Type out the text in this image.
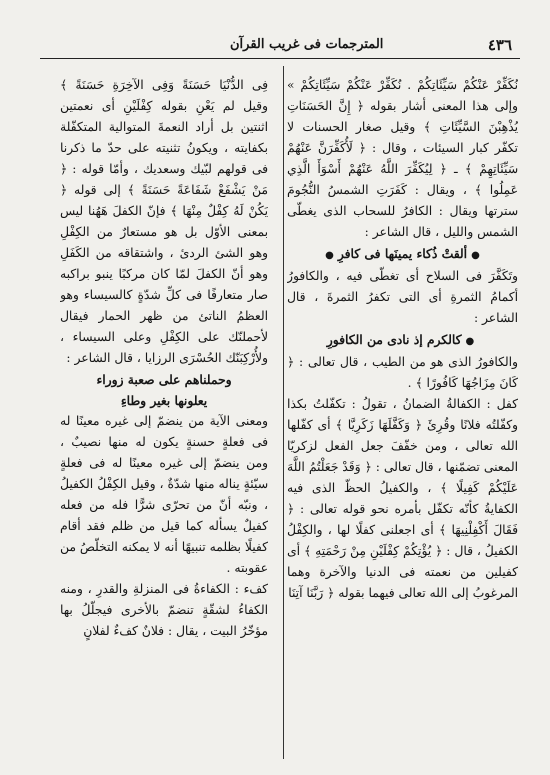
٤٣٦
المترجمات فى غريب القرآن

نُكَفِّرْ عَنْكُمْ سَيِّئَاتِكُمْ . نُكَفِّرْ عَنْكُمْ سَيِّئَاتِكُمْ » وإلى هذا المعنى أشار بقوله ﴿ إِنَّ الحَسَنَاتِ يُذْهِبْنَ السَّيِّئَاتِ ﴾ وقيل صغار الحسنات لا تكفّر كبار السيئات ، وقال : ﴿ لَأُكَفِّرَنَّ عَنْهُمْ سَيِّئَاتِهِمْ ﴾ ـ ﴿ لِيُكَفِّرَ اللَّهُ عَنْهُمْ أَسْوَأَ الَّذِي عَمِلُوا ﴾ ، ويقال : كَفَرَتِ الشمسُ النُّجُومَ سترتها ويقال : الكافرُ للسحاب الذى يغطّى الشمس والليل ، قال الشاعر :

●ألقتْ ذُكاء يمينَها فى كافرِ●

وتَكَفَّرَ فى السلاح أى تغطّى فيه ، والكافورُ أكمامُ الثمرةِ أى التى تكفرُ الثمرةَ ، قال الشاعر :

●كالكرم إذ نادى من الكافورِ

والكافورُ الذى هو من الطيب ، قال تعالى : ﴿ كَانَ مِزَاجُهَا كَافُورًا ﴾ .

كفل : الكفالةُ الضمانُ ، تقولُ : تكفّلتُ بكذا وكفّلتُه فلانًا وقُرِئَ ﴿ وَكَفَّلَهَا زَكَرِيَّا ﴾ أى كفّلها الله تعالى ، ومن خفّفَ جعل الفعل لزكريّا المعنى تضمّنها ، قال تعالى : ﴿ وَقَدْ جَعَلْتُمُ اللَّهَ عَلَيْكُمْ كَفِيلًا ﴾ ، والكفيلُ الحظّ الذى فيه الكفايةُ كأنّه تكفّل بأمره نحو قوله تعالى : ﴿ فَقَالَ أَكْفِلْنِيهَا ﴾ أى اجعلنى كفلًا لها ، والكِفْلُ الكفيلُ ، قال : ﴿ يُؤْتِكُمْ كِفْلَيْنِ مِنْ رَحْمَتِهِ ﴾ أى كفيلين من نعمته فى الدنيا والآخرة وهما المرغوبُ إلى الله تعالى فيهما بقوله ﴿ رَبَّنَا آتِنَا

فِى الدُّنْيَا حَسَنَةً وَفِى الآخِرَةِ حَسَنَةً ﴾ وقيل لم يَعْنِ بقوله كِفْلَيْنِ أى نعمتين اثنتين بل أراد النعمةَ المتوالية المتكفّلة بكفايته ، ويكونُ تثنيته على حدّ ما ذكرنا فى قولهم لبّيك وسعديك ، وأمّا قوله : ﴿ مَنْ يَشْفَعْ شَفَاعَةً حَسَنَةً ﴾ إلى قوله ﴿ يَكُنْ لَهُ كِفْلٌ مِنْهَا ﴾ فإنّ الكفلَ هَهُنا ليس بمعنى الأوّل بل هو مستعارٌ من الكِفْلِ وهو الشئ الردئ ، واشتقاقه من الكَفَلِ وهو أنّ الكفلَ لمّا كان مركبًا ينبو براكبه صار متعارفًا فى كلِّ شدّةٍ كالسيساء وهو العظمُ الناتئ من ظهر الحمار فيقال لأحملنّك على الكِفْلِ وعلى السيساء ، ولأُرْكِبَنّك الحُسْرَى الرزايا ، قال الشاعر :

وحملناهم على صعبة زوراء

يعلونها بغير وطاءِ

ومعنى الآية من ينضمّ إلى غيره معينًا له فى فعلةٍ حسنةٍ يكون له منها نصيبٌ ، ومن ينضمّ إلى غيره معينًا له فى فعلةٍ سيّئةٍ يناله منها شدّةٌ ، وقيل الكِفْلُ الكفيلُ ، ونبّه أنّ من تحرّى شرًّا فله من فعله كفيلٌ يسأله كما قيل من ظلم فقد أقام كفيلًا بظلمه تنبيهًا أنه لا يمكنه التخلّصُ من عقوبته .

كفء : الكفاءةُ فى المنزلةِ والقدرِ ، ومنه الكفاءُ لشقّةٍ تنضمّ بالأخرى فيجلّلُ بها مؤخّرُ البيت ، يقال : فلانٌ كفءٌ لفلانٍ
